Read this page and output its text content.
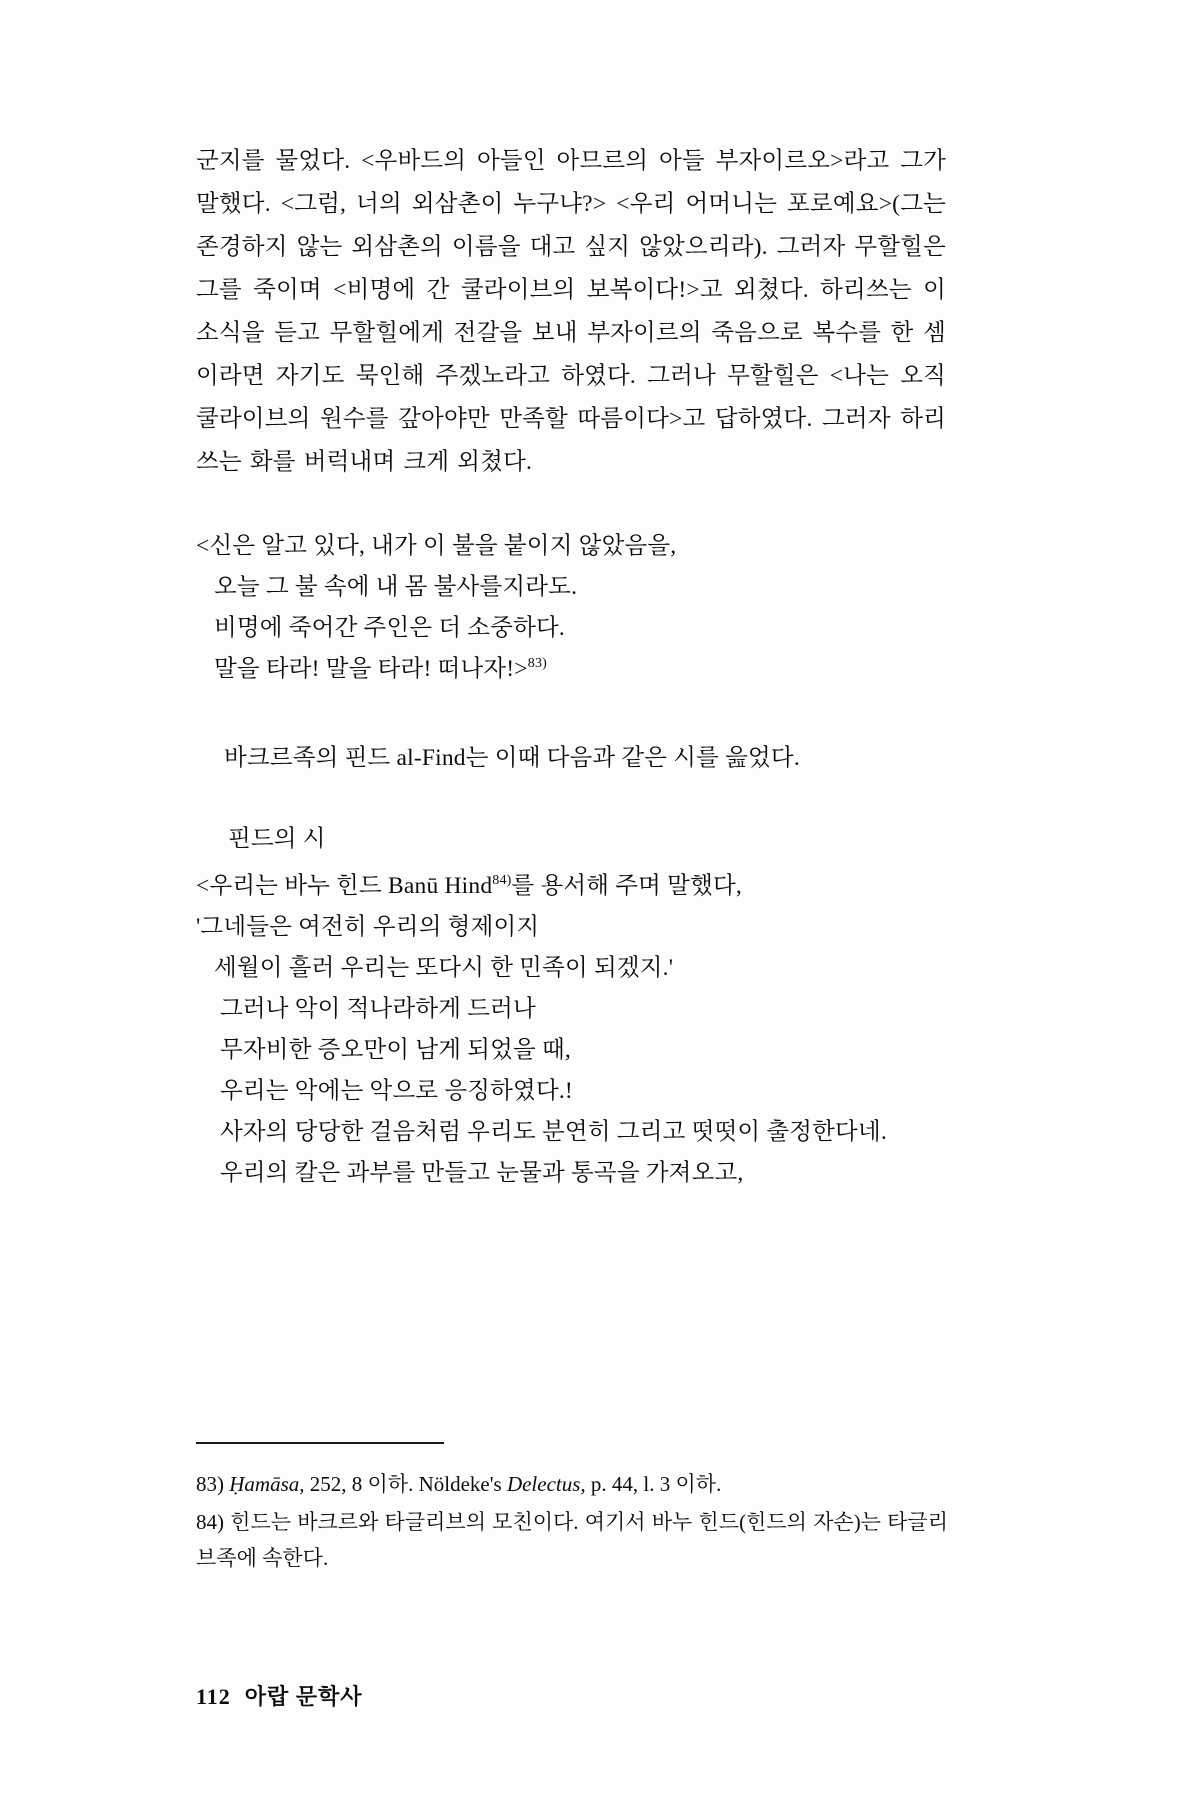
군지를 물었다. <우바드의 아들인 아므르의 아들 부자이르오>라고 그가 말했다. <그럼, 너의 외삼촌이 누구냐?> <우리 어머니는 포로예요>(그는 존경하지 않는 외삼촌의 이름을 대고 싶지 않았으리라). 그러자 무할힐은 그를 죽이며 <비명에 간 쿨라이브의 보복이다!>고 외쳤다. 하리쓰는 이 소식을 듣고 무할힐에게 전갈을 보내 부자이르의 죽음으로 복수를 한 셈이라면 자기도 묵인해 주겠노라고 하였다. 그러나 무할힐은 <나는 오직 쿨라이브의 원수를 갚아야만 만족할 따름이다>고 답하였다. 그러자 하리쓰는 화를 버럭내며 크게 외쳤다.

<신은 알고 있다, 내가 이 불을 붙이지 않았음을,
오늘 그 불 속에 내 몸 불사를지라도.
비명에 죽어간 주인은 더 소중하다.
말을 타라! 말을 타라! 떠나자!>$^{83)}$
바크르족의 핀드 al-Find는 이때 다음과 같은 시를 읊었다.
핀드의 시
<우리는 바누 힌드 Banū Hind$^{84)}$를 용서해 주며 말했다,
'그네들은 여전히 우리의 형제이지
세월이 흘러 우리는 또다시 한 민족이 되겠지.'
그러나 악이 적나라하게 드러나
무자비한 증오만이 남게 되었을 때,
우리는 악에는 악으로 응징하였다.!
사자의 당당한 걸음처럼 우리도 분연히 그리고 떳떳이 출정한다네.
우리의 칼은 과부를 만들고 눈물과 통곡을 가져오고,
83) Ḥamāsa, 252, 8 이하. Nöldeke's Delectus, p. 44, l. 3 이하.
84) 힌드는 바크르와 타글리브의 모친이다. 여기서 바누 힌드(힌드의 자손)는 타글리브족에 속한다.
112 아랍 문학사
